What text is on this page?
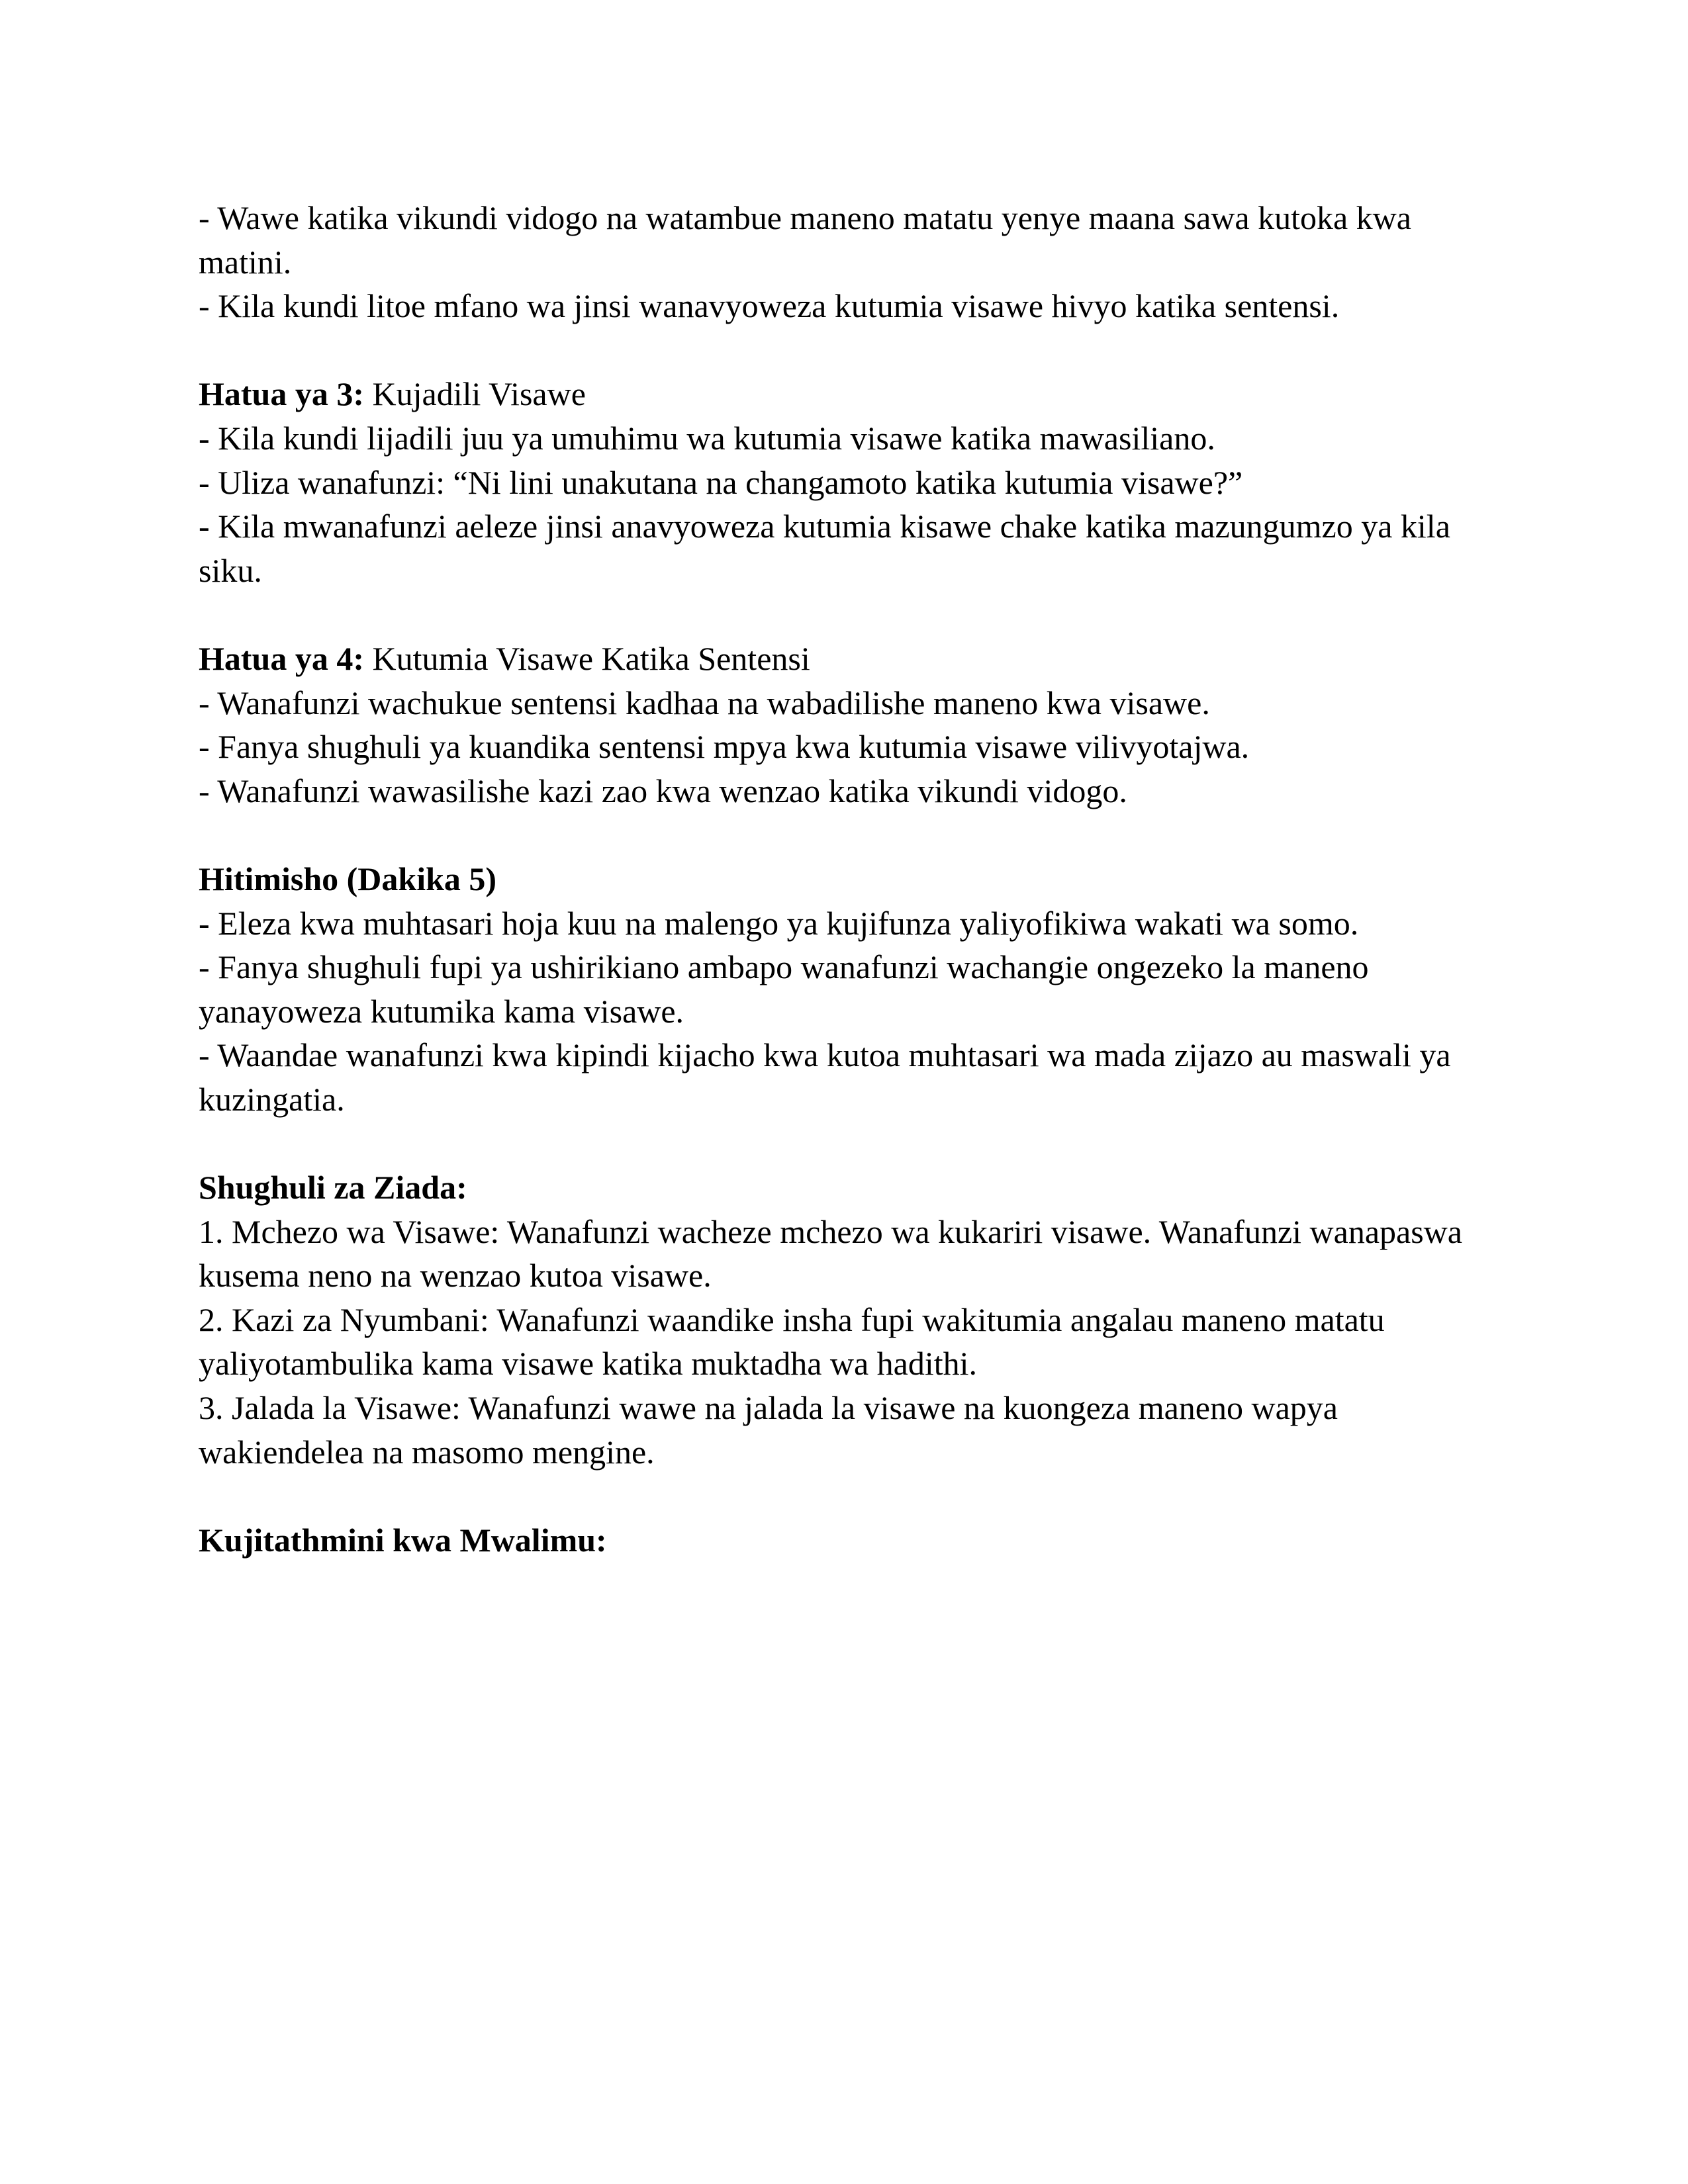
- Wawe katika vikundi vidogo na watambue maneno matatu yenye maana sawa kutoka kwa
matini.
- Kila kundi litoe mfano wa jinsi wanavyoweza kutumia visawe hivyo katika sentensi.
Hatua ya 3: Kujadili Visawe
- Kila kundi lijadili juu ya umuhimu wa kutumia visawe katika mawasiliano.
- Uliza wanafunzi: “Ni lini unakutana na changamoto katika kutumia visawe?”
- Kila mwanafunzi aeleze jinsi anavyoweza kutumia kisawe chake katika mazungumzo ya kila
siku.
Hatua ya 4: Kutumia Visawe Katika Sentensi
- Wanafunzi wachukue sentensi kadhaa na wabadilishe maneno kwa visawe.
- Fanya shughuli ya kuandika sentensi mpya kwa kutumia visawe vilivyotajwa.
- Wanafunzi wawasilishe kazi zao kwa wenzao katika vikundi vidogo.
Hitimisho (Dakika 5)
- Eleza kwa muhtasari hoja kuu na malengo ya kujifunza yaliyofikiwa wakati wa somo.
- Fanya shughuli fupi ya ushirikiano ambapo wanafunzi wachangie ongezeko la maneno
yanayoweza kutumika kama visawe.
- Waandae wanafunzi kwa kipindi kijacho kwa kutoa muhtasari wa mada zijazo au maswali ya
kuzingatia.
Shughuli za Ziada:
1. Mchezo wa Visawe: Wanafunzi wacheze mchezo wa kukariri visawe. Wanafunzi wanapaswa
kusema neno na wenzao kutoa visawe.
2. Kazi za Nyumbani: Wanafunzi waandike insha fupi wakitumia angalau maneno matatu
yaliyotambulika kama visawe katika muktadha wa hadithi.
3. Jalada la Visawe: Wanafunzi wawe na jalada la visawe na kuongeza maneno wapya
wakiendelea na masomo mengine.
Kujitathmini kwa Mwalimu:
